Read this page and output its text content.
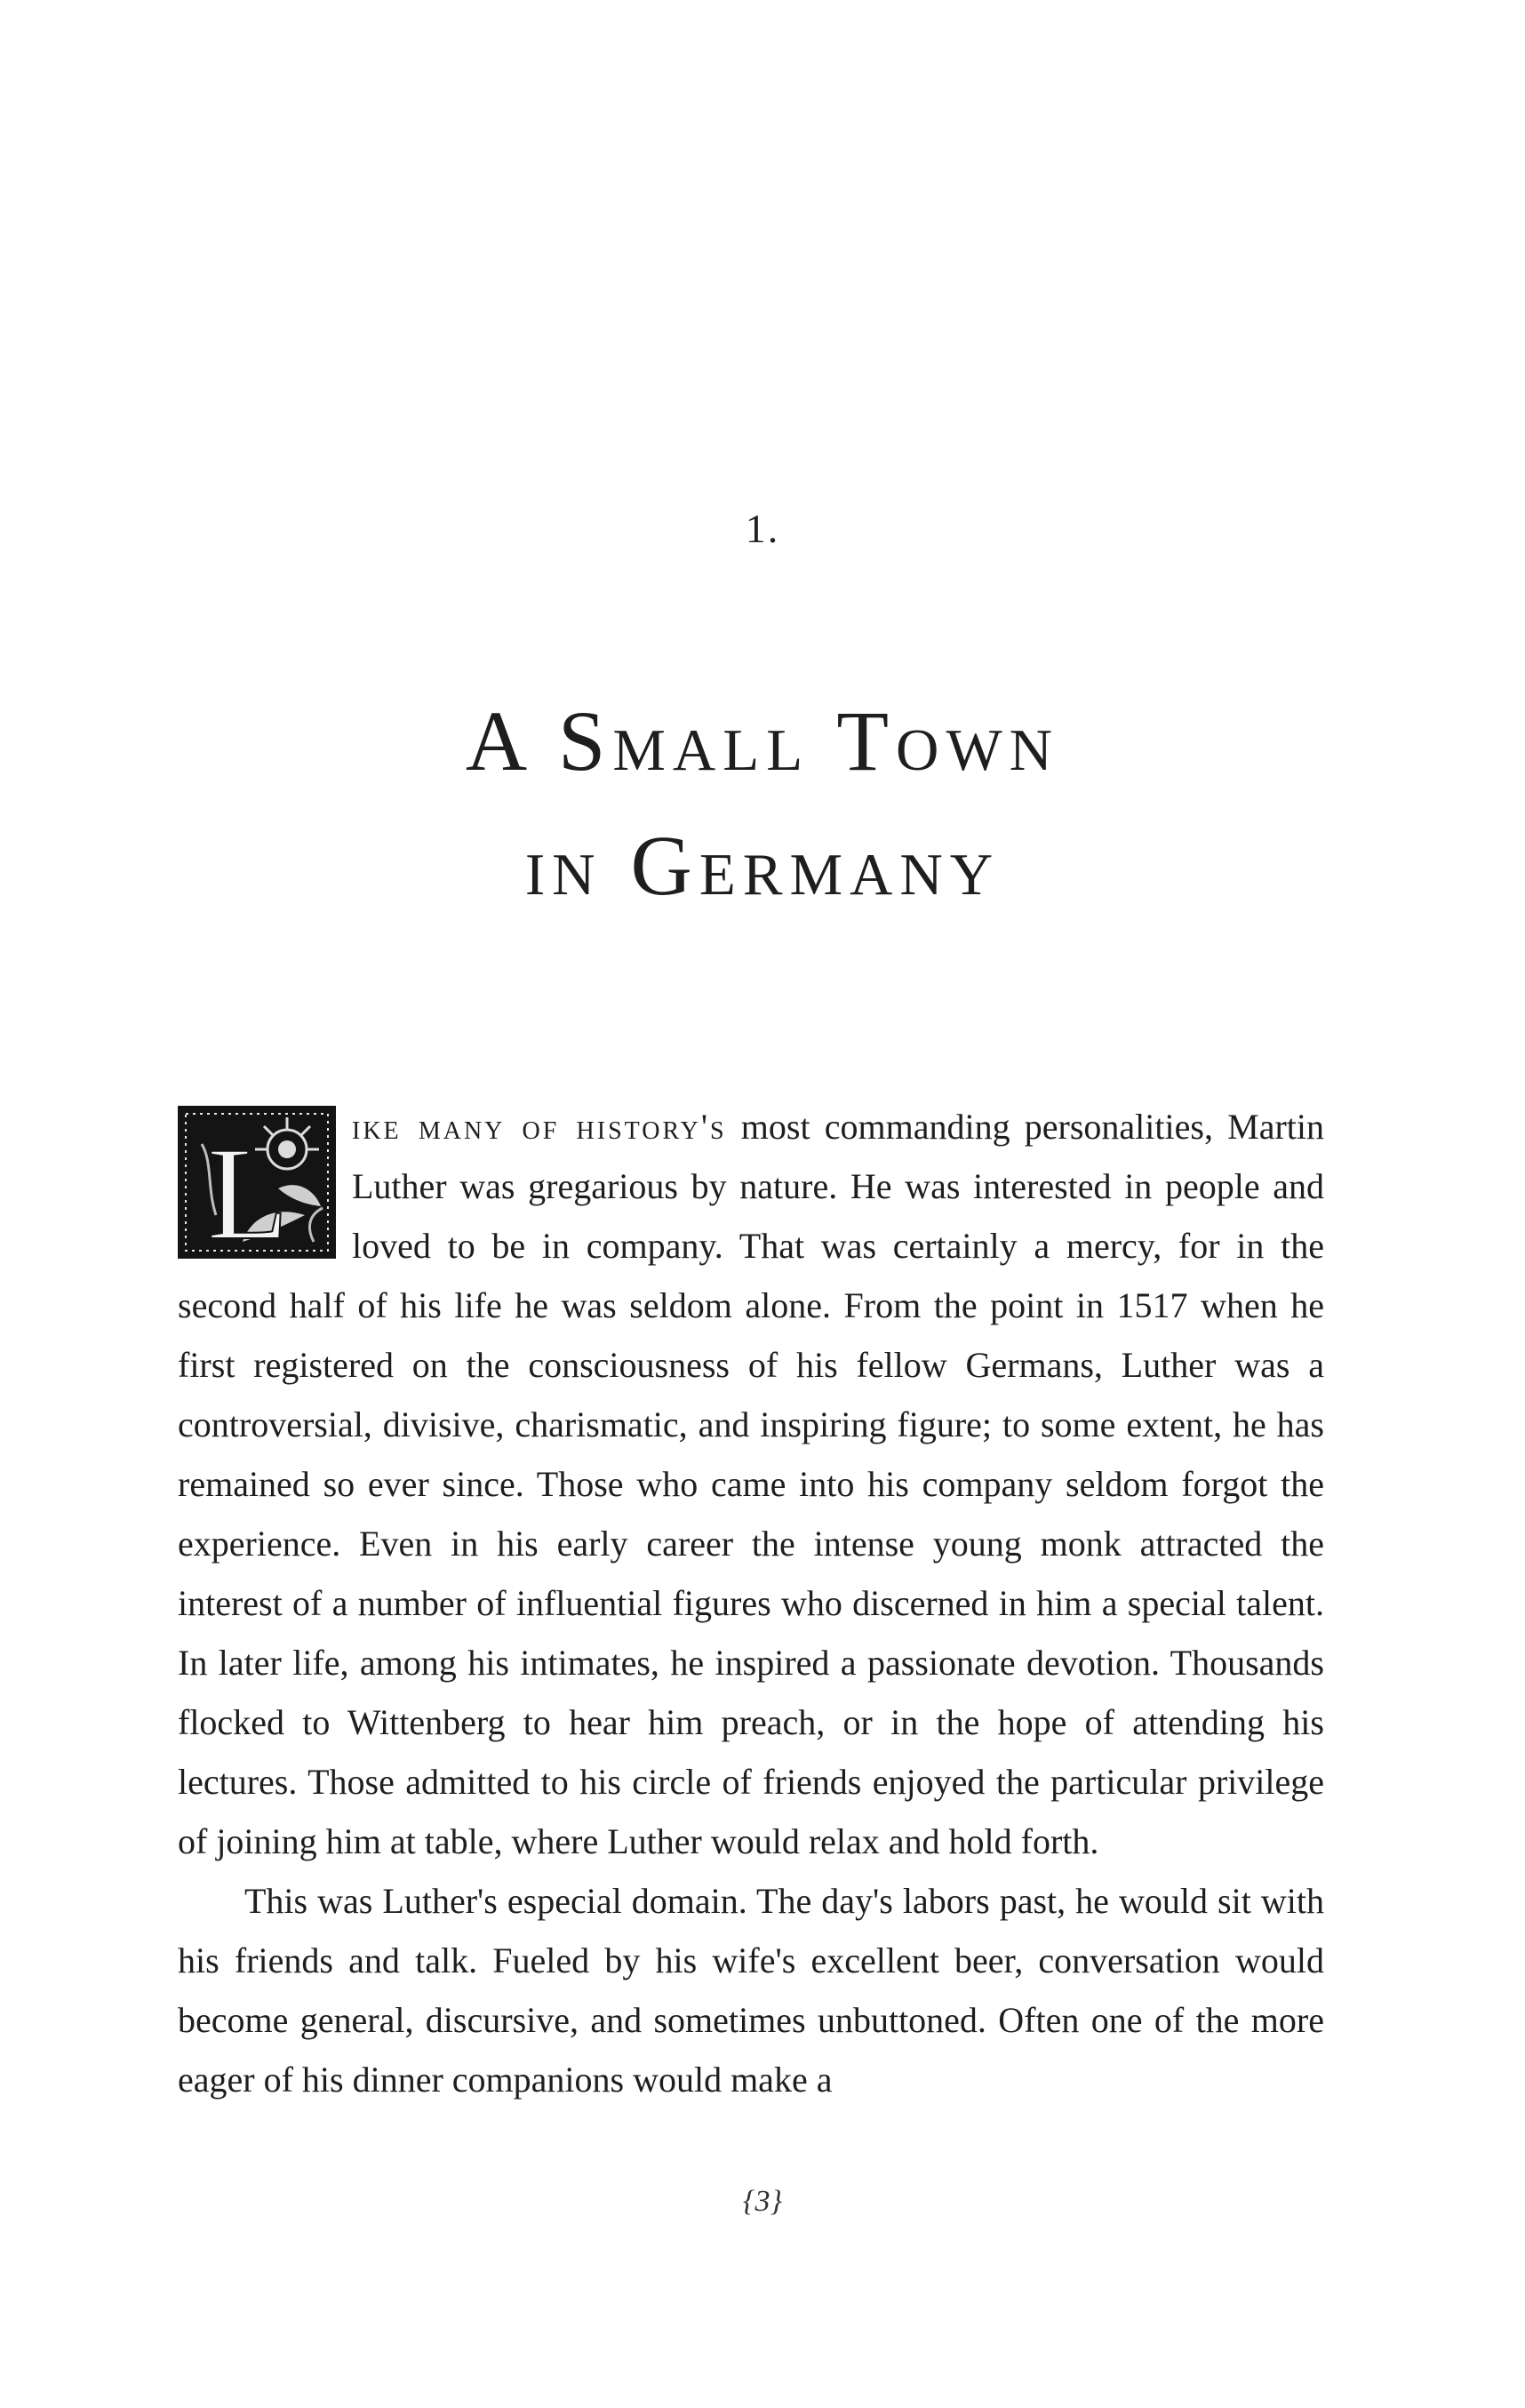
1.
A Small Town
in Germany

L ike many of history's most commanding personalities, Martin Luther was gregarious by nature. He was interested in people and loved to be in company. That was certainly a mercy, for in the second half of his life he was seldom alone. From the point in 1517 when he first registered on the consciousness of his fellow Germans, Luther was a controversial, divisive, charismatic, and inspiring figure; to some extent, he has remained so ever since. Those who came into his company seldom forgot the experience. Even in his early career the intense young monk attracted the interest of a number of influential figures who discerned in him a special talent. In later life, among his intimates, he inspired a passionate devotion. Thousands flocked to Wittenberg to hear him preach, or in the hope of attending his lectures. Those admitted to his circle of friends enjoyed the particular privilege of joining him at table, where Luther would relax and hold forth.

This was Luther's especial domain. The day's labors past, he would sit with his friends and talk. Fueled by his wife's excellent beer, conversation would become general, discursive, and sometimes unbuttoned. Often one of the more eager of his dinner companions would make a

{3}
